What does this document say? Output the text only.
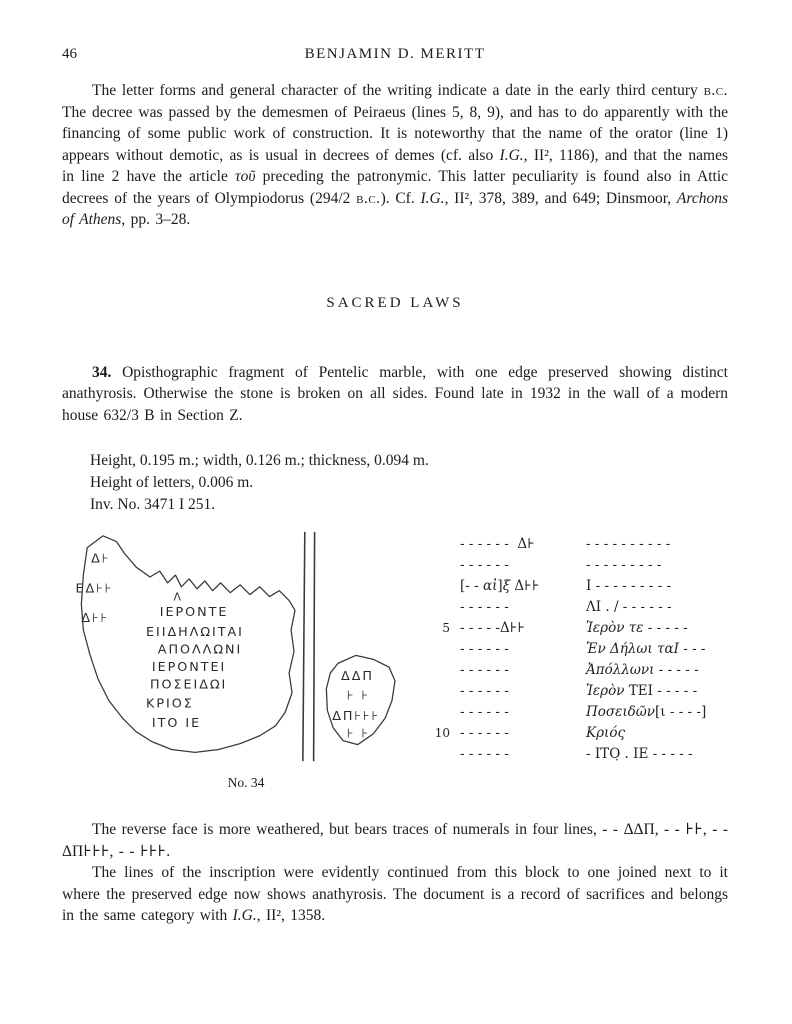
46	BENJAMIN D. MERITT

The letter forms and general character of the writing indicate a date in the early third century b.c. The decree was passed by the demesmen of Peiraeus (lines 5, 8, 9), and has to do apparently with the financing of some public work of construction. It is noteworthy that the name of the orator (line 1) appears without demotic, as is usual in decrees of demes (cf. also I.G., II², 1186), and that the names in line 2 have the article τοῦ preceding the patronymic. This latter peculiarity is found also in Attic decrees of the years of Olympiodorus (294/2 b.c.). Cf. I.G., II², 378, 389, and 649; Dinsmoor, Archons of Athens, pp. 3–28.

SACRED LAWS

34. Opisthographic fragment of Pentelic marble, with one edge preserved showing distinct anathyrosis. Otherwise the stone is broken on all sides. Found late in 1932 in the wall of a modern house 632/3 B in Section Z.

Height, 0.195 m.; width, 0.126 m.; thickness, 0.094 m.
Height of letters, 0.006 m.
Inv. No. 3471 I 251.
Δ⊦
ΕΔ⊦⊦
Δ⊦⊦
Λ
ΙΕΡΟΝΤΕ
ΕΙΙΔΗΛΩΙΤΑΙ
ΑΠΟΛΛΩΝΙ
ΙΕΡΟΝΤΕΙ
ΠΟΣΕΙΔΩΙ
ΚΡΙΟΣ
ΙΤΟ ΙΕ
ΔΔΠ
⊦ ⊦
ΔΠ⊦⊦⊦
⊦ ⊦
No. 34
- - - - - -  Δ⊦	- - - - - - - - - -
- - - - - -	- - - - - - - - -
[- - αἰ]ξ Δ⊦⊦	Ι - - - - - - - - -
- - - - - -	ΛΙ . / - - - - - -
5 - - - - -Δ⊦⊦	Ἱερὸν τε - - - - -
- - - - - -	Ἐν Δήλωι ταΙ - - -
- - - - - -	Ἀπόλλωνι - - - - -
- - - - - -	Ἱερὸν ΤΕΙ - - - - -
- - - - - -	Ποσειδῶν[ι - - - -]
10 - - - - - -	Κριός
- - - - - -	- ΙΤΟ̣ . ΙΕ - - - - -

The reverse face is more weathered, but bears traces of numerals in four lines, - - ΔΔΠ, - - ⊦⊦, - - ΔΠ⊦⊦⊦, - - ⊦⊦⊦.

The lines of the inscription were evidently continued from this block to one joined next to it where the preserved edge now shows anathyrosis. The document is a record of sacrifices and belongs in the same category with I.G., II², 1358.
